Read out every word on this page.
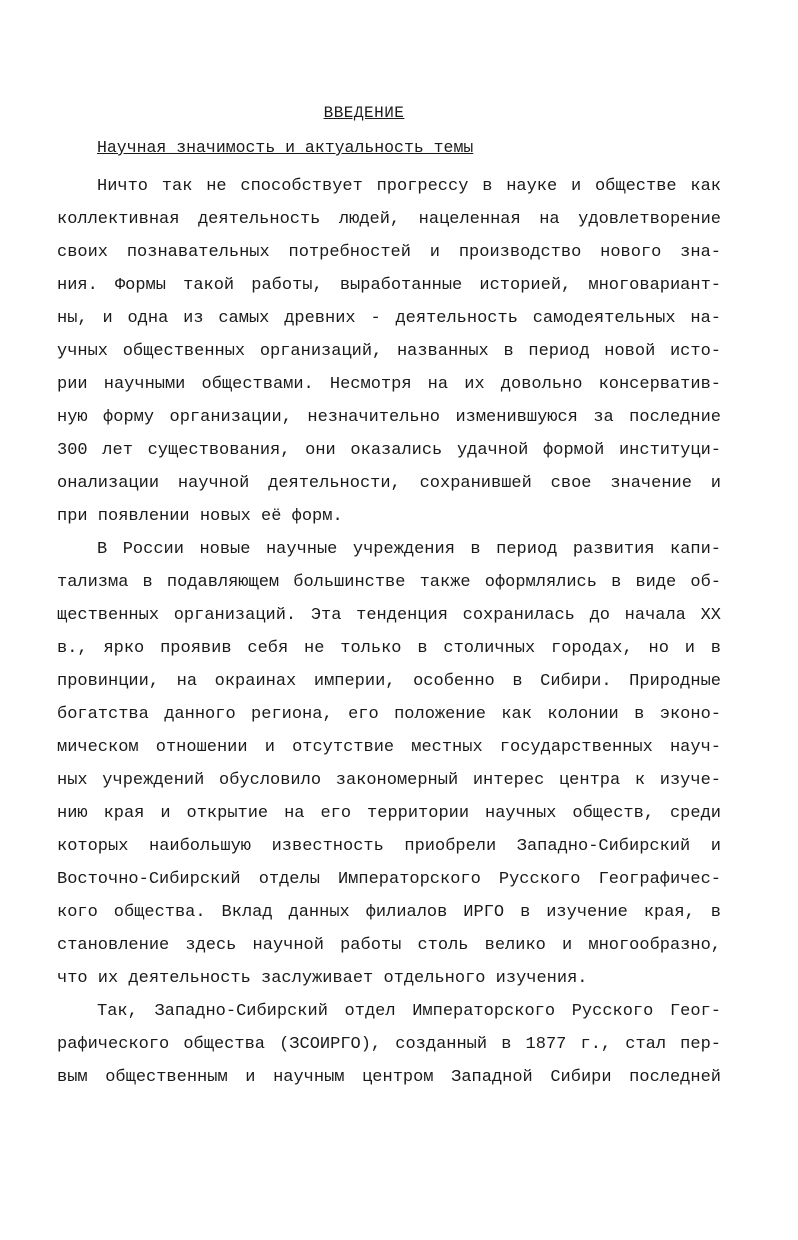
ВВЕДЕНИЕ
Научная значимость и актуальность темы
Ничто так не способствует прогрессу в науке и обществе как
коллективная деятельность людей, нацеленная на удовлетворение
своих познавательных потребностей и производство нового зна-
ния. Формы такой работы, выработанные историей, многовариант-
ны, и одна из самых древних - деятельность самодеятельных на-
учных общественных организаций, названных в период новой исто-
рии научными обществами. Несмотря на их довольно консерватив-
ную форму организации, незначительно изменившуюся за последние
300 лет существования, они оказались удачной формой институци-
онализации научной деятельности, сохранившей свое значение и
при появлении новых её форм.
В России новые научные учреждения в период развития капи-
тализма в подавляющем большинстве также оформлялись в виде об-
щественных организаций. Эта тенденция сохранилась до начала XX
в., ярко проявив себя не только в столичных городах, но и в
провинции, на окраинах империи, особенно в Сибири. Природные
богатства данного региона, его положение как колонии в эконо-
мическом отношении и отсутствие местных государственных науч-
ных учреждений обусловило закономерный интерес центра к изуче-
нию края и открытие на его территории научных обществ, среди
которых наибольшую известность приобрели Западно-Сибирский и
Восточно-Сибирский отделы Императорского Русского Географичес-
кого общества. Вклад данных филиалов ИРГО в изучение края, в
становление здесь научной работы столь велико и многообразно,
что их деятельность заслуживает отдельного изучения.
Так, Западно-Сибирский отдел Императорского Русского Геог-
рафического общества (ЗСОИРГО), созданный в 1877 г., стал пер-
вым общественным и научным центром Западной Сибири последней
